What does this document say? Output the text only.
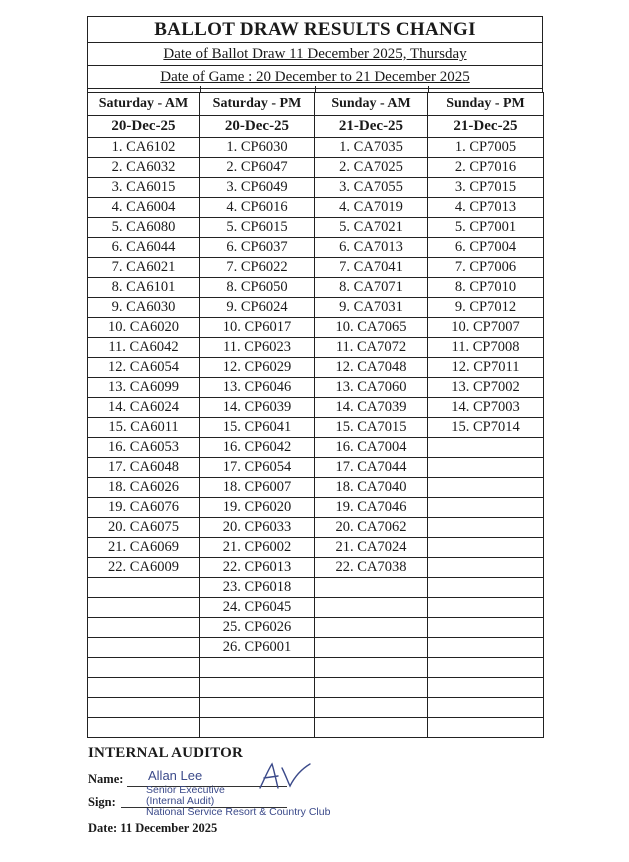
BALLOT DRAW RESULTS CHANGI
Date of Ballot Draw 11 December 2025, Thursday
Date of Game : 20 December to 21 December 2025
Saturday - AM	Saturday - PM	Sunday - AM	Sunday - PM
20-Dec-25	20-Dec-25	21-Dec-25	21-Dec-25
1. CA6102	1. CP6030	1. CA7035	1. CP7005
2. CA6032	2. CP6047	2. CA7025	2. CP7016
3. CA6015	3. CP6049	3. CA7055	3. CP7015
4. CA6004	4. CP6016	4. CA7019	4. CP7013
5. CA6080	5. CP6015	5. CA7021	5. CP7001
6. CA6044	6. CP6037	6. CA7013	6. CP7004
7. CA6021	7. CP6022	7. CA7041	7. CP7006
8. CA6101	8. CP6050	8. CA7071	8. CP7010
9. CA6030	9. CP6024	9. CA7031	9. CP7012
10. CA6020	10. CP6017	10. CA7065	10. CP7007
11. CA6042	11. CP6023	11. CA7072	11. CP7008
12. CA6054	12. CP6029	12. CA7048	12. CP7011
13. CA6099	13. CP6046	13. CA7060	13. CP7002
14. CA6024	14. CP6039	14. CA7039	14. CP7003
15. CA6011	15. CP6041	15. CA7015	15. CP7014
16. CA6053	16. CP6042	16. CA7004	
17. CA6048	17. CP6054	17. CA7044	
18. CA6026	18. CP6007	18. CA7040	
19. CA6076	19. CP6020	19. CA7046	
20. CA6075	20. CP6033	20. CA7062	
21. CA6069	21. CP6002	21. CA7024	
22. CA6009	22. CP6013	22. CA7038	
	23. CP6018		
	24. CP6045		
	25. CP6026		
	26. CP6001		

INTERNAL AUDITOR
Name: Allan Lee
Senior Executive
Sign:	(Internal Audit)
National Service Resort & Country Club
Date: 11 December 2025
